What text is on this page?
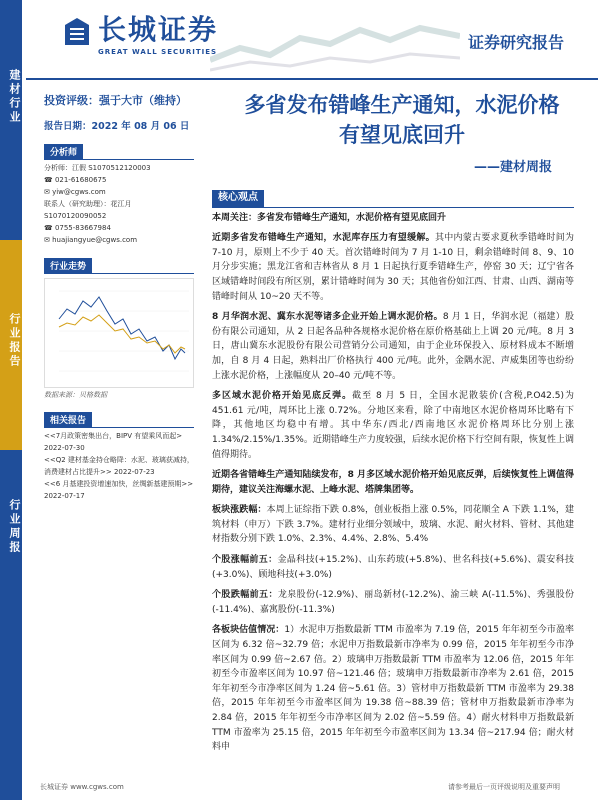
建材行业
行业报告
行业周报
长城证券
GREAT WALL SECURITIES	证券研究报告
投资评级：强于大市（维持）
报告日期：2022 年 08 月 06 日
分析师
分析师：江假 S1070512120003
☎ 021-61680675
✉ yiw@cgws.com
联系人（研究助理）：花江月
S1070120090052
☎ 0755-83667984
✉ huajiangyue@cgws.com
行业走势
数据来源：贝格数据
相关报告
<<7月政策密集出台，BIPV 有望乘风而起> 2022-07-30
<<Q2 建材基金持仓略降：水泥、玻璃获减持，消费建材占比提升>> 2022-07-23
<<6 月基建投资增速加快，丝绸新基建预期>> 2022-07-17
多省发布错峰生产通知，水泥价格
有望见底回升
——建材周报
核心观点
本周关注：多省发布错峰生产通知，水泥价格有望见底回升
近期多省发布错峰生产通知，水泥库存压力有望缓解。其中内蒙古要求夏秋季错峰时间为 7-10 月，原则上不少于 40 天。首次错峰时间为 7 月 1-10 日，剩余错峰时间 8、9、10 月分步实施；黑龙江省和吉林省从 8 月 1 日起执行夏季错峰生产，停窑 30 天；辽宁省各区域错峰时间段有所区别，累计错峰时间为 30 天；其他省份如江西、甘肃、山西、湖南等错峰时间从 10~20 天不等。
8 月华润水泥、冀东水泥等诸多企业开始上调水泥价格。8 月 1 日，华润水泥（福建）股份有限公司通知，从 2 日起各品种各规格水泥价格在原价格基础上上调 20 元/吨。8 月 3 日，唐山冀东水泥股份有限公司营销分公司通知，由于企业环保投入、原材料成本不断增加，自 8 月 4 日起，熟料出厂价格执行 400 元/吨。此外，金隅水泥、声威集团等也纷纷上涨水泥价格，上涨幅度从 20–40 元/吨不等。
多区域水泥价格开始见底反弹。截至 8 月 5 日，全国水泥散装价(含税,P.O42.5)为 451.61 元/吨，周环比上涨 0.72%。分地区来看，除了中南地区水泥价格周环比略有下降，其他地区均稳中有增。其中华东/西北/西南地区水泥价格周环比分别上涨 1.34%/2.15%/1.35%。近期错峰生产力度较强，后续水泥价格下行空间有限，恢复性上调值得期待。
近期各省错峰生产通知陆续发布，8 月多区域水泥价格开始见底反弹，后续恢复性上调值得期待，建议关注海螺水泥、上峰水泥、塔牌集团等。
板块涨跌幅：本周上证综指下跌 0.8%，创业板指上涨 0.5%，同花顺全 A 下跌 1.1%，建筑材料（申万）下跌 3.7%。建材行业细分领域中，玻璃、水泥、耐火材料、管材、其他建材指数分别下跌 1.0%、2.3%、4.4%、2.8%、5.4%
个股涨幅前五：金晶科技(+15.2%)、山东药玻(+5.8%)、世名科技(+5.6%)、震安科技(+3.0%)、顾地科技(+3.0%)
个股跌幅前五：龙泉股份(-12.9%)、丽岛新材(-12.2%)、渝三峡 A(-11.5%)、秀强股份(-11.4%)、嘉寓股份(-11.3%)
各板块估值情况：1）水泥申万指数最新 TTM 市盈率为 7.19 倍，2015 年年初至今市盈率区间为 6.32 倍~32.79 倍；水泥申万指数最新市净率为 0.99 倍，2015 年年初至今市净率区间为 0.99 倍~2.67 倍。2）玻璃申万指数最新 TTM 市盈率为 12.06 倍，2015 年年初至今市盈率区间为 10.97 倍~121.46 倍；玻璃申万指数最新市净率为 2.61 倍，2015 年年初至今市净率区间为 1.24 倍~5.61 倍。3）管材申万指数最新 TTM 市盈率为 29.38 倍，2015 年年初至今市盈率区间为 19.38 倍~88.39 倍；管材申万指数最新市净率为 2.84 倍，2015 年年初至今市净率区间为 2.02 倍~5.59 倍。4）耐火材料申万指数最新 TTM 市盈率为 25.15 倍，2015 年年初至今市盈率区间为 13.34 倍~217.94 倍；耐火材料申
长城证券 www.cgws.com	请参考最后一页评级说明及重要声明
